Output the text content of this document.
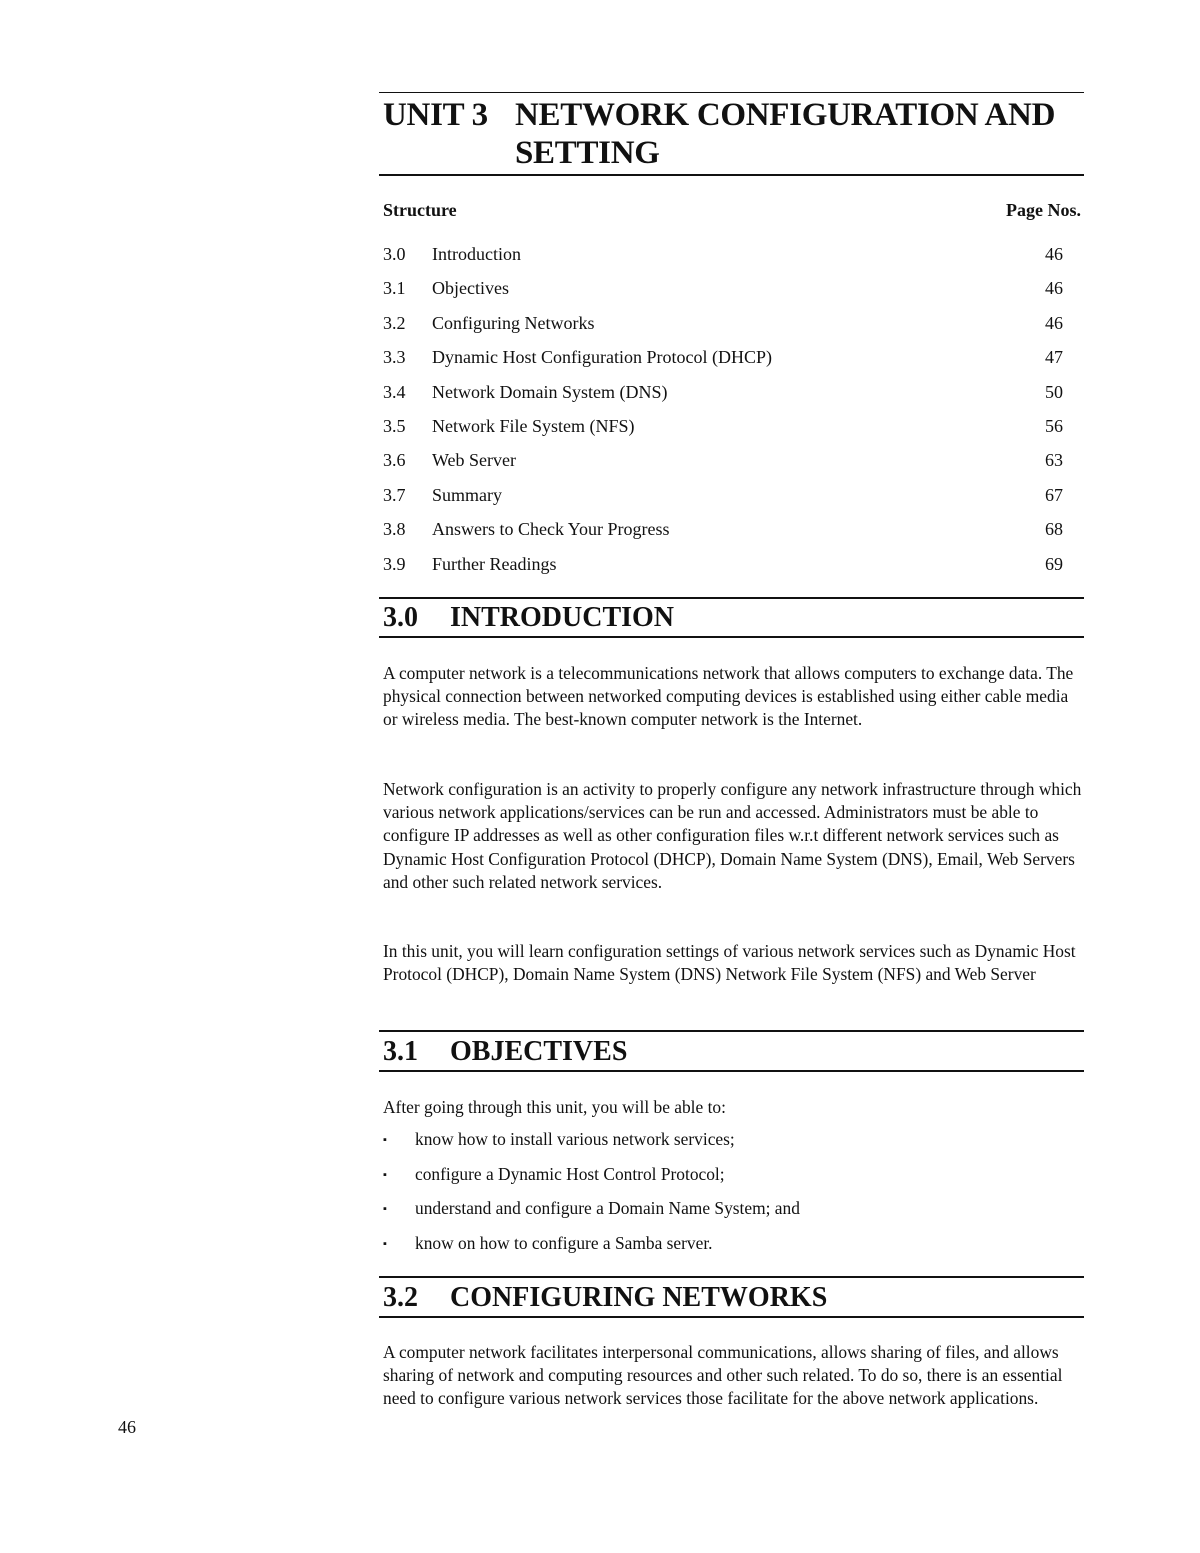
UNIT 3 NETWORK CONFIGURATION AND
SETTING
Structure	Page Nos.
3.0	Introduction	46
3.1	Objectives	46
3.2	Configuring Networks	46
3.3	Dynamic Host Configuration Protocol (DHCP)	47
3.4	Network Domain System (DNS)	50
3.5	Network File System (NFS)	56
3.6	Web Server	63
3.7	Summary	67
3.8	Answers to Check Your Progress	68
3.9	Further Readings	69
3.0 INTRODUCTION
A computer network is a telecommunications network that allows computers to exchange data. The physical connection between networked computing devices is established using either cable media or wireless media. The best-known computer network is the Internet.
Network configuration is an activity to properly configure any network infrastructure through which various network applications/services can be run and accessed. Administrators must be able to configure IP addresses as well as other configuration files w.r.t different network services such as Dynamic Host Configuration Protocol (DHCP), Domain Name System (DNS), Email, Web Servers and other such related network services.
In this unit, you will learn configuration settings of various network services such as Dynamic Host Protocol (DHCP), Domain Name System (DNS) Network File System (NFS) and Web Server
3.1 OBJECTIVES
After going through this unit, you will be able to:
▪	know how to install various network services;
▪	configure a Dynamic Host Control Protocol;
▪	understand and configure a Domain Name System; and
▪	know on how to configure a Samba server.
3.2 CONFIGURING NETWORKS
A computer network facilitates interpersonal communications, allows sharing of files, and allows sharing of network and computing resources and other such related. To do so, there is an essential need to configure various network services those facilitate for the above network applications.
46
